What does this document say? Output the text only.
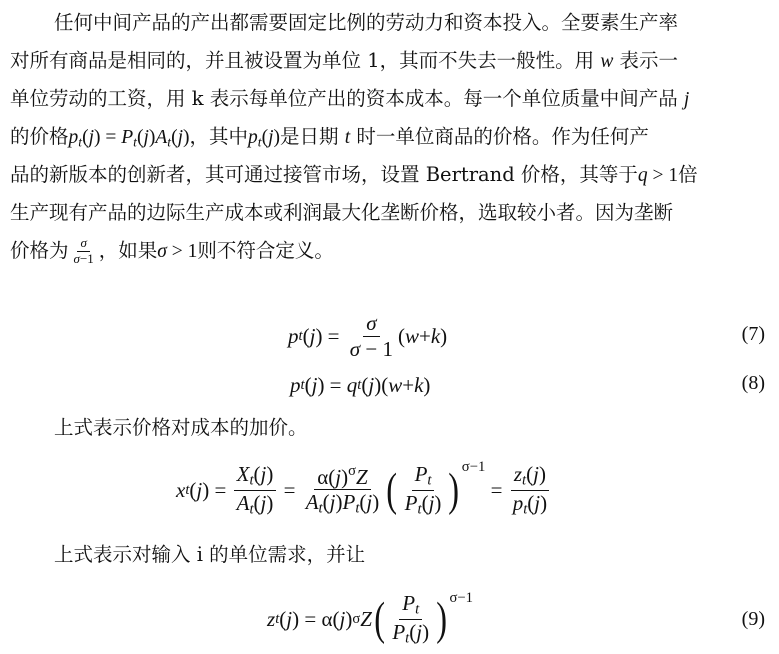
任何中间产品的产出都需要固定比例的劳动力和资本投入。全要素生产率
对所有商品是相同的，并且被设置为单位 1，其而不失去一般性。用 w 表示一
单位劳动的工资，用 k 表示每单位产出的资本成本。每一个单位质量中间产品 j
的价格$p_t(j) = P_t(j)A_t(j)$，其中$p_t(j)$是日期 t 时一单位商品的价格。作为任何产
品的新版本的创新者，其可通过接管市场，设置 Bertrand 价格，其等于q > 1倍
生产现有产品的边际生产成本或利润最大化垄断价格，选取较小者。因为垄断
价格为 $\frac{\sigma}{\sigma-1}$ ，如果σ > 1则不符合定义。
p t ( j ) = $\frac{\sigma}{\sigma - 1}$ ( w + k )	(7)
p t ( j ) = q t ( j )( w + k )	(8)
上式表示价格对成本的加价。
x t ( j ) = $\frac{X_t(j)}{A_t(j)} = \frac{\alpha(j)^\sigma Z}{A_t(j)P_t(j)}$ ( $\frac{P_t}{P_t(j)}$ ) σ−1
= $\frac{z_t(j)}{p_t(j)}$
上式表示对输入 i 的单位需求，并让
z t ( j ) = α( j ) σ Z ( $\frac{P_t}{P_t(j)}$ ) σ−1
(9)
